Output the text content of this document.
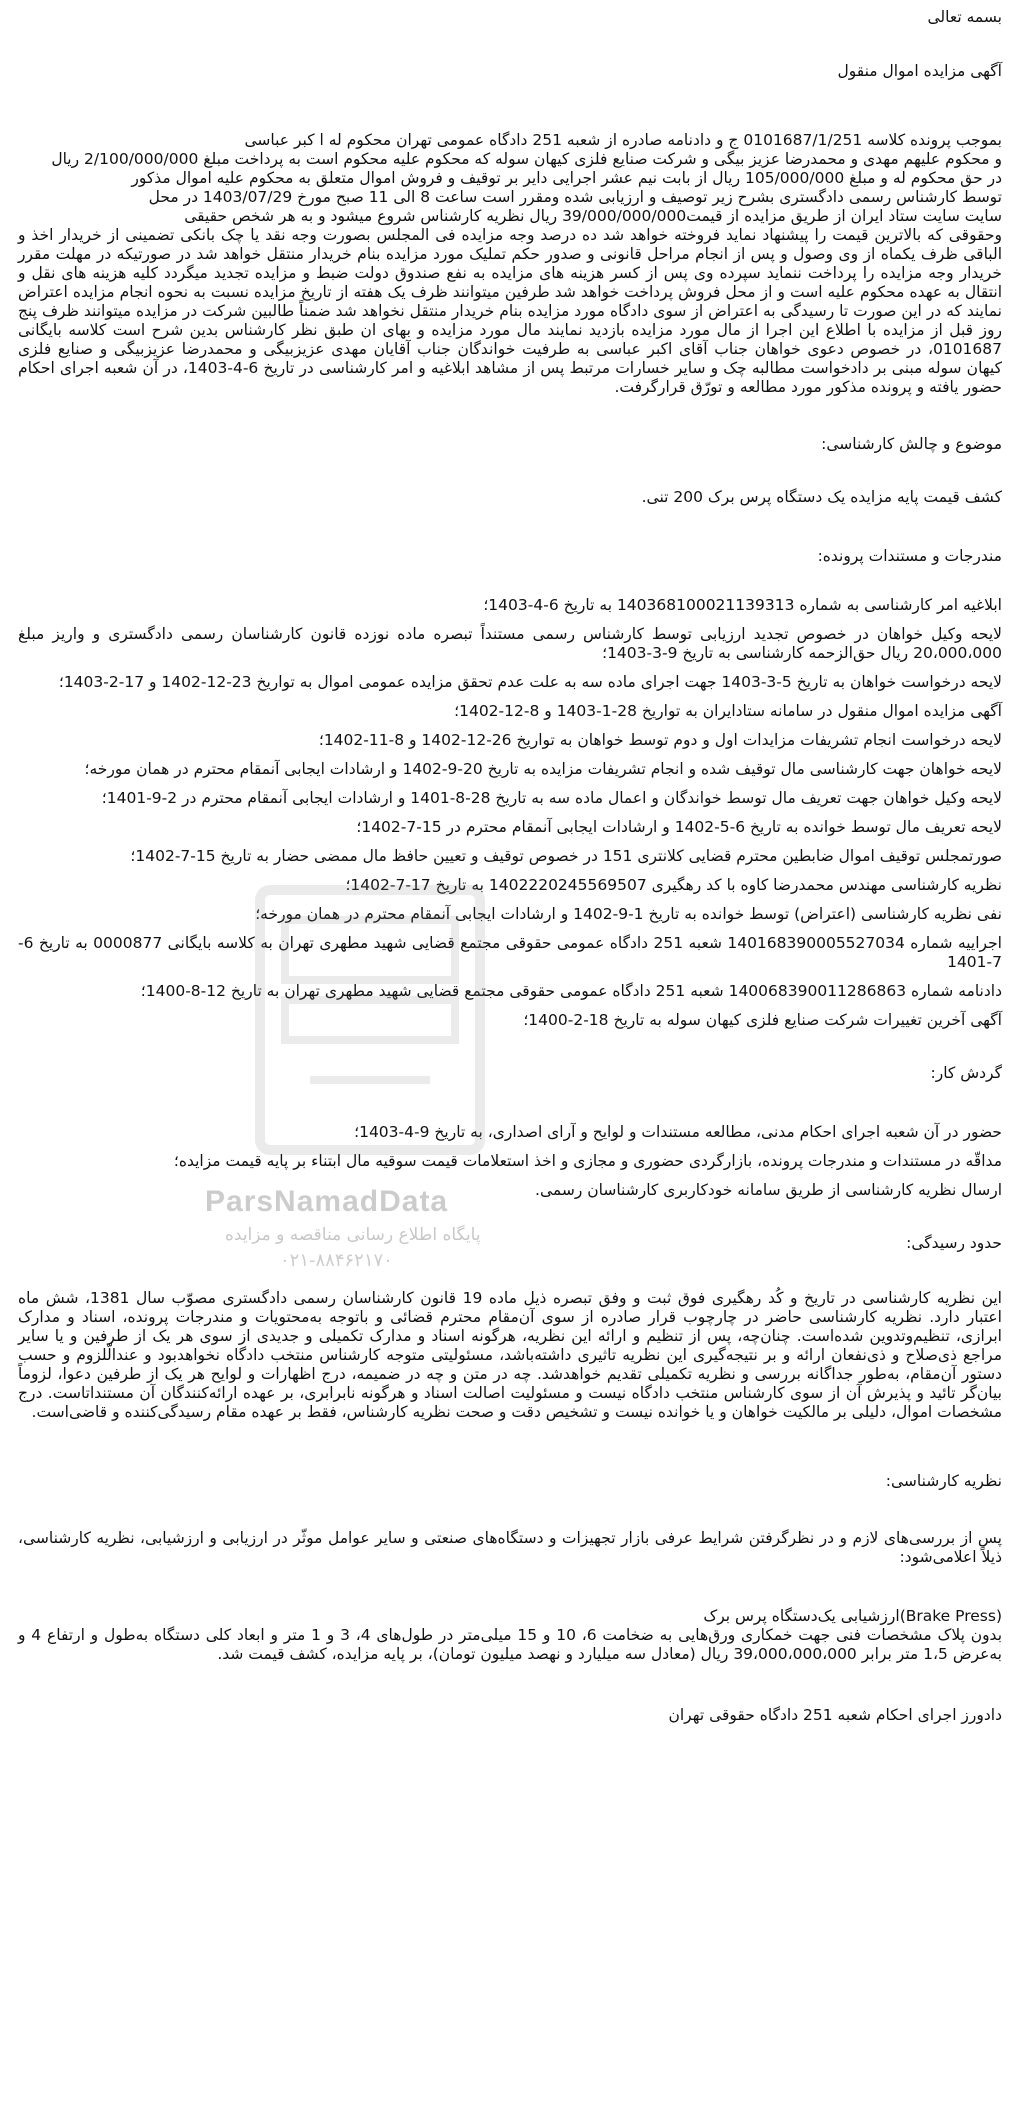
ParsNamadData
پایگاه اطلاع رسانی مناقصه و مزایده
۰۲۱-۸۸۴۶۲۱۷۰
بسمه تعالی
آگهی مزایده اموال منقول
بموجب پرونده کلاسه 0101687/1/251 ج و دادنامه صادره از شعبه 251 دادگاه عمومی تهران محکوم له ا کبر عباسی
و محکوم علیهم مهدی و محمدرضا عزیز بیگی و شرکت صنایع فلزی کیهان سوله که محکوم علیه محکوم است به پرداخت مبلغ 2/100/000/000 ریال
در حق محکوم له و مبلغ 105/000/000 ریال از بابت نیم عشر اجرایی دایر بر توقیف و فروش اموال متعلق به محکوم علیه اموال مذکور
توسط کارشناس رسمی دادگستری بشرح زیر توصیف و ارزیابی شده ومقرر است ساعت 8 الی 11 صبح مورخ 1403/07/29 در محل
سایت سایت ستاد ایران از طریق مزایده از قیمت39/000/000/000 ریال نظریه کارشناس شروع میشود و به هر شخص حقیقی
وحقوقی که بالاترین قیمت را پیشنهاد نماید فروخته خواهد شد ده درصد وجه مزایده فی المجلس بصورت وجه نقد یا چک بانکی تضمینی از خریدار اخذ و الباقی ظرف یکماه از وی وصول و پس از انجام مراحل قانونی و صدور حکم تملیک مورد مزایده بنام خریدار منتقل خواهد شد در صورتیکه در مهلت مقرر خریدار وجه مزایده را پرداخت ننماید سپرده وی پس از کسر هزینه های مزایده به نفع صندوق دولت ضبط و مزایده تجدید میگردد کلیه هزینه های نقل و انتقال به عهده محکوم علیه است و از محل فروش پرداخت خواهد شد طرفین میتوانند ظرف یک هفته از تاریخ مزایده نسبت به نحوه انجام مزایده اعتراض نمایند که در این صورت تا رسیدگی به اعتراض از سوی دادگاه مورد مزایده بنام خریدار منتقل نخواهد شد ضمناً طالبین شرکت در مزایده میتوانند ظرف پنج روز قبل از مزایده با اطلاع این اجرا از مال مورد مزایده بازدید نمایند مال مورد مزایده و بهای ان طبق نظر کارشناس بدین شرح است کلاسه بایگانی 0101687، در خصوص دعوی خواهان جناب آقای اکبر عباسی به طرفیت خواندگان جناب آقایان مهدی عزیزبیگی و محمدرضا عزیزبیگی و صنایع فلزی کیهان سوله مبنی بر دادخواست مطالبه چک و سایر خسارات مرتبط پس از مشاهد ابلاغیه و امر کارشناسی در تاریخ 6-4-1403، در آن شعبه اجرای احکام حضور یافته و پرونده مذکور مورد مطالعه و تورّق قرارگرفت.
موضوع و چالش کارشناسی:
کشف قیمت پایه مزایده یک دستگاه پرس برک 200 تنی.
مندرجات و مستندات پرونده:
ابلاغیه امر کارشناسی به شماره 140368100021139313 به تاریخ 6-4-1403؛
لایحه وکیل خواهان در خصوص تجدید ارزیابی توسط کارشناس رسمی مستنداً تبصره ماده نوزده قانون کارشناسان رسمی دادگستری و واریز مبلغ 20،000،000 ریال حق‌الزحمه کارشناسی به تاریخ 9-3-1403؛
لایحه درخواست خواهان به تاریخ 5-3-1403 جهت اجرای ماده سه به علت عدم تحقق مزایده عمومی اموال به تواریخ 23-12-1402 و 17-2-1403؛
آگهی مزایده اموال منقول در سامانه ستادایران به تواریخ 28-1-1403 و 8-12-1402؛
لایحه درخواست انجام تشریفات مزایدات اول و دوم توسط خواهان به تواریخ 26-12-1402 و 8-11-1402؛
لایحه خواهان جهت کارشناسی مال توقیف شده و انجام تشریفات مزایده به تاریخ 20-9-1402 و ارشادات ایجابی آنمقام محترم در همان مورخه؛
لایحه وکیل خواهان جهت تعریف مال توسط خواندگان و اعمال ماده سه به تاریخ 28-8-1401 و ارشادات ایجابی آنمقام محترم در 2-9-1401؛
لایحه تعریف مال توسط خوانده به تاریخ 6-5-1402 و ارشادات ایجابی آنمقام محترم در 15-7-1402؛
صورتمجلس توقیف اموال ضابطین محترم قضایی کلانتری 151 در خصوص توقیف و تعیین حافظ مال ممضی حضار به تاریخ 15-7-1402؛
نظریه کارشناسی مهندس محمدرضا کاوه با کد رهگیری 1402220245569507 به تاریخ 17-7-1402؛
نفی نظریه کارشناسی (اعتراض) توسط خوانده به تاریخ 1-9-1402 و ارشادات ایجابی آنمقام محترم در همان مورخه؛
اجراییه شماره 140168390005527034 شعبه 251 دادگاه عمومی حقوقی مجتمع قضایی شهید مطهری تهران به کلاسه بایگانی 0000877 به تاریخ 6-7-1401
دادنامه شماره 140068390011286863 شعبه 251 دادگاه عمومی حقوقی مجتمع قضایی شهید مطهری تهران به تاریخ 12-8-1400؛
آگهی آخرین تغییرات شرکت صنایع فلزی کیهان سوله به تاریخ 18-2-1400؛
گردش کار:
حضور در آن شعبه اجرای احکام مدنی، مطالعه مستندات و لوایح و آرای اصداری، به تاریخ 9-4-1403؛
مداقّه در مستندات و مندرجات پرونده، بازارگردی حضوری و مجازی و اخذ استعلامات قیمت سوقیه مال ابتناء بر پایه قیمت مزایده؛
ارسال نظریه کارشناسی از طریق سامانه خودکاربری کارشناسان رسمی.
حدود رسیدگی:
این نظریه کارشناسی در تاریخ و کُد رهگیری فوق ثبت و وفق تبصره ذیل ماده 19 قانون کارشناسان رسمی دادگستری مصوّب سال 1381، شش ماه اعتبار دارد. نظریه کارشناسی حاضر در چارچوب قرار صادره از سوی آن‌مقام محترم قضائی و باتوجه به‌محتویات و مندرجات پرونده، اسناد و مدارک ابرازی، تنظیم‌وتدوین شده‌است. چنان‌چه، پس از تنظیم و ارائه این نظریه، هرگونه اسناد و مدارک تکمیلی و جدیدی از سوی هر یک از طرفین و یا سایر مراجع ذی‌صلاح و ذی‌نفعان ارائه و بر نتیجه‌گیری این نظریه تاثیری داشته‌باشد، مسئولیتی متوجه کارشناس منتخب دادگاه نخواهدبود و عندالّلزوم و حسب دستور آن‌مقام، به‌طور جداگانه بررسی و نظریه تکمیلی تقدیم خواهدشد. چه در متن و چه در ضمیمه، درج اظهارات و لوایح هر یک از طرفین دعوا، لزوماً بیان‌گر تائید و پذیرش آن از سوی کارشناس منتخب دادگاه نیست و مسئولیت اصالت اسناد و هرگونه نابرابری، بر عهده ارائه‌کنندگان آن مستنداتاست. درج مشخصات اموال، دلیلی بر مالکیت خواهان و یا خوانده نیست و تشخیص دقت و صحت نظریه کارشناس، فقط بر عهده مقام رسیدگی‌کننده و قاضی‌است.
نظریه کارشناسی:
پس از بررسی‌های لازم و در نظرگرفتن شرایط عرفی بازار تجهیزات و دستگاه‌های صنعتی و سایر عوامل موثّر در ارزیابی و ارزشیابی، نظریه کارشناسی، ذیلاً اعلامی‌شود:
(Brake Press)ارزشیابی یک‌دستگاه پرس برک
بدون پلاک مشخصات فنی جهت خمکاری ورق‌هایی به ضخامت 6، 10 و 15 میلی‌متر در طول‌های 4، 3 و 1 متر و ابعاد کلی دستگاه به‌طول و ارتفاع 4 و به‌عرض 1،5 متر برابر 39،000،000،000 ریال (معادل سه میلیارد و نهصد میلیون تومان)، بر پایه مزایده، کشف قیمت شد.
دادورز اجرای احکام شعبه 251 دادگاه حقوقی تهران
